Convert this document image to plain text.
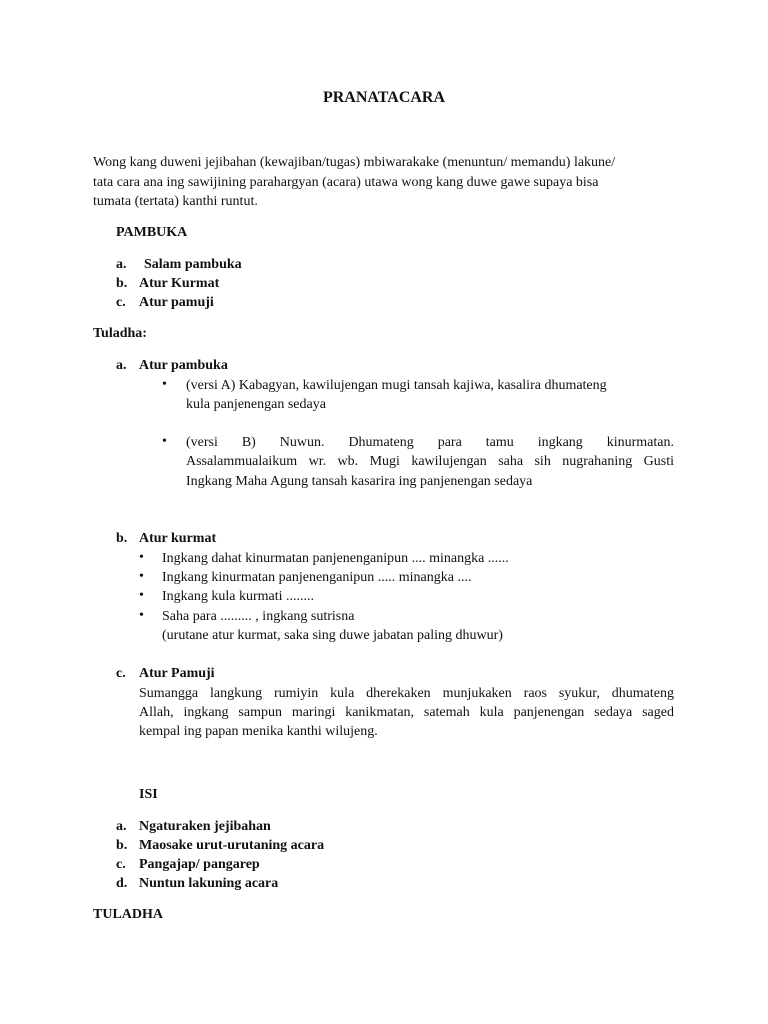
PRANATACARA

Wong kang duweni jejibahan (kewajiban/tugas) mbiwarakake (menuntun/ memandu) lakune/

tata cara ana ing sawijining parahargyan (acara) utawa wong kang duwe gawe supaya bisa

tumata (tertata) kanthi runtut.

PAMBUKA
a. Salam pambuka
b. Atur Kurmat
c. Atur pamuji
Tuladha:
a. Atur pambuka
• (versi A) Kabagyan, kawilujengan mugi tansah kajiwa, kasalira dhumateng
kula panjenengan sedaya
• (versi B) Nuwun. Dhumateng para tamu ingkang kinurmatan.
Assalammualaikum wr. wb. Mugi kawilujengan saha sih nugrahaning Gusti
Ingkang Maha Agung tansah kasarira ing panjenengan sedaya
b. Atur kurmat
• Ingkang dahat kinurmatan panjenenganipun .... minangka ......
• Ingkang kinurmatan panjenenganipun ..... minangka ....
• Ingkang kula kurmati ........
• Saha para ......... , ingkang sutrisna
(urutane atur kurmat, saka sing duwe jabatan paling dhuwur)
c. Atur Pamuji
Sumangga langkung rumiyin kula dherekaken munjukaken raos syukur, dhumateng
Allah, ingkang sampun maringi kanikmatan, satemah kula panjenengan sedaya saged
kempal ing papan menika kanthi wilujeng.
ISI
a. Ngaturaken jejibahan
b. Maosake urut-urutaning acara
c. Pangajap/ pangarep
d. Nuntun lakuning acara
TULADHA
